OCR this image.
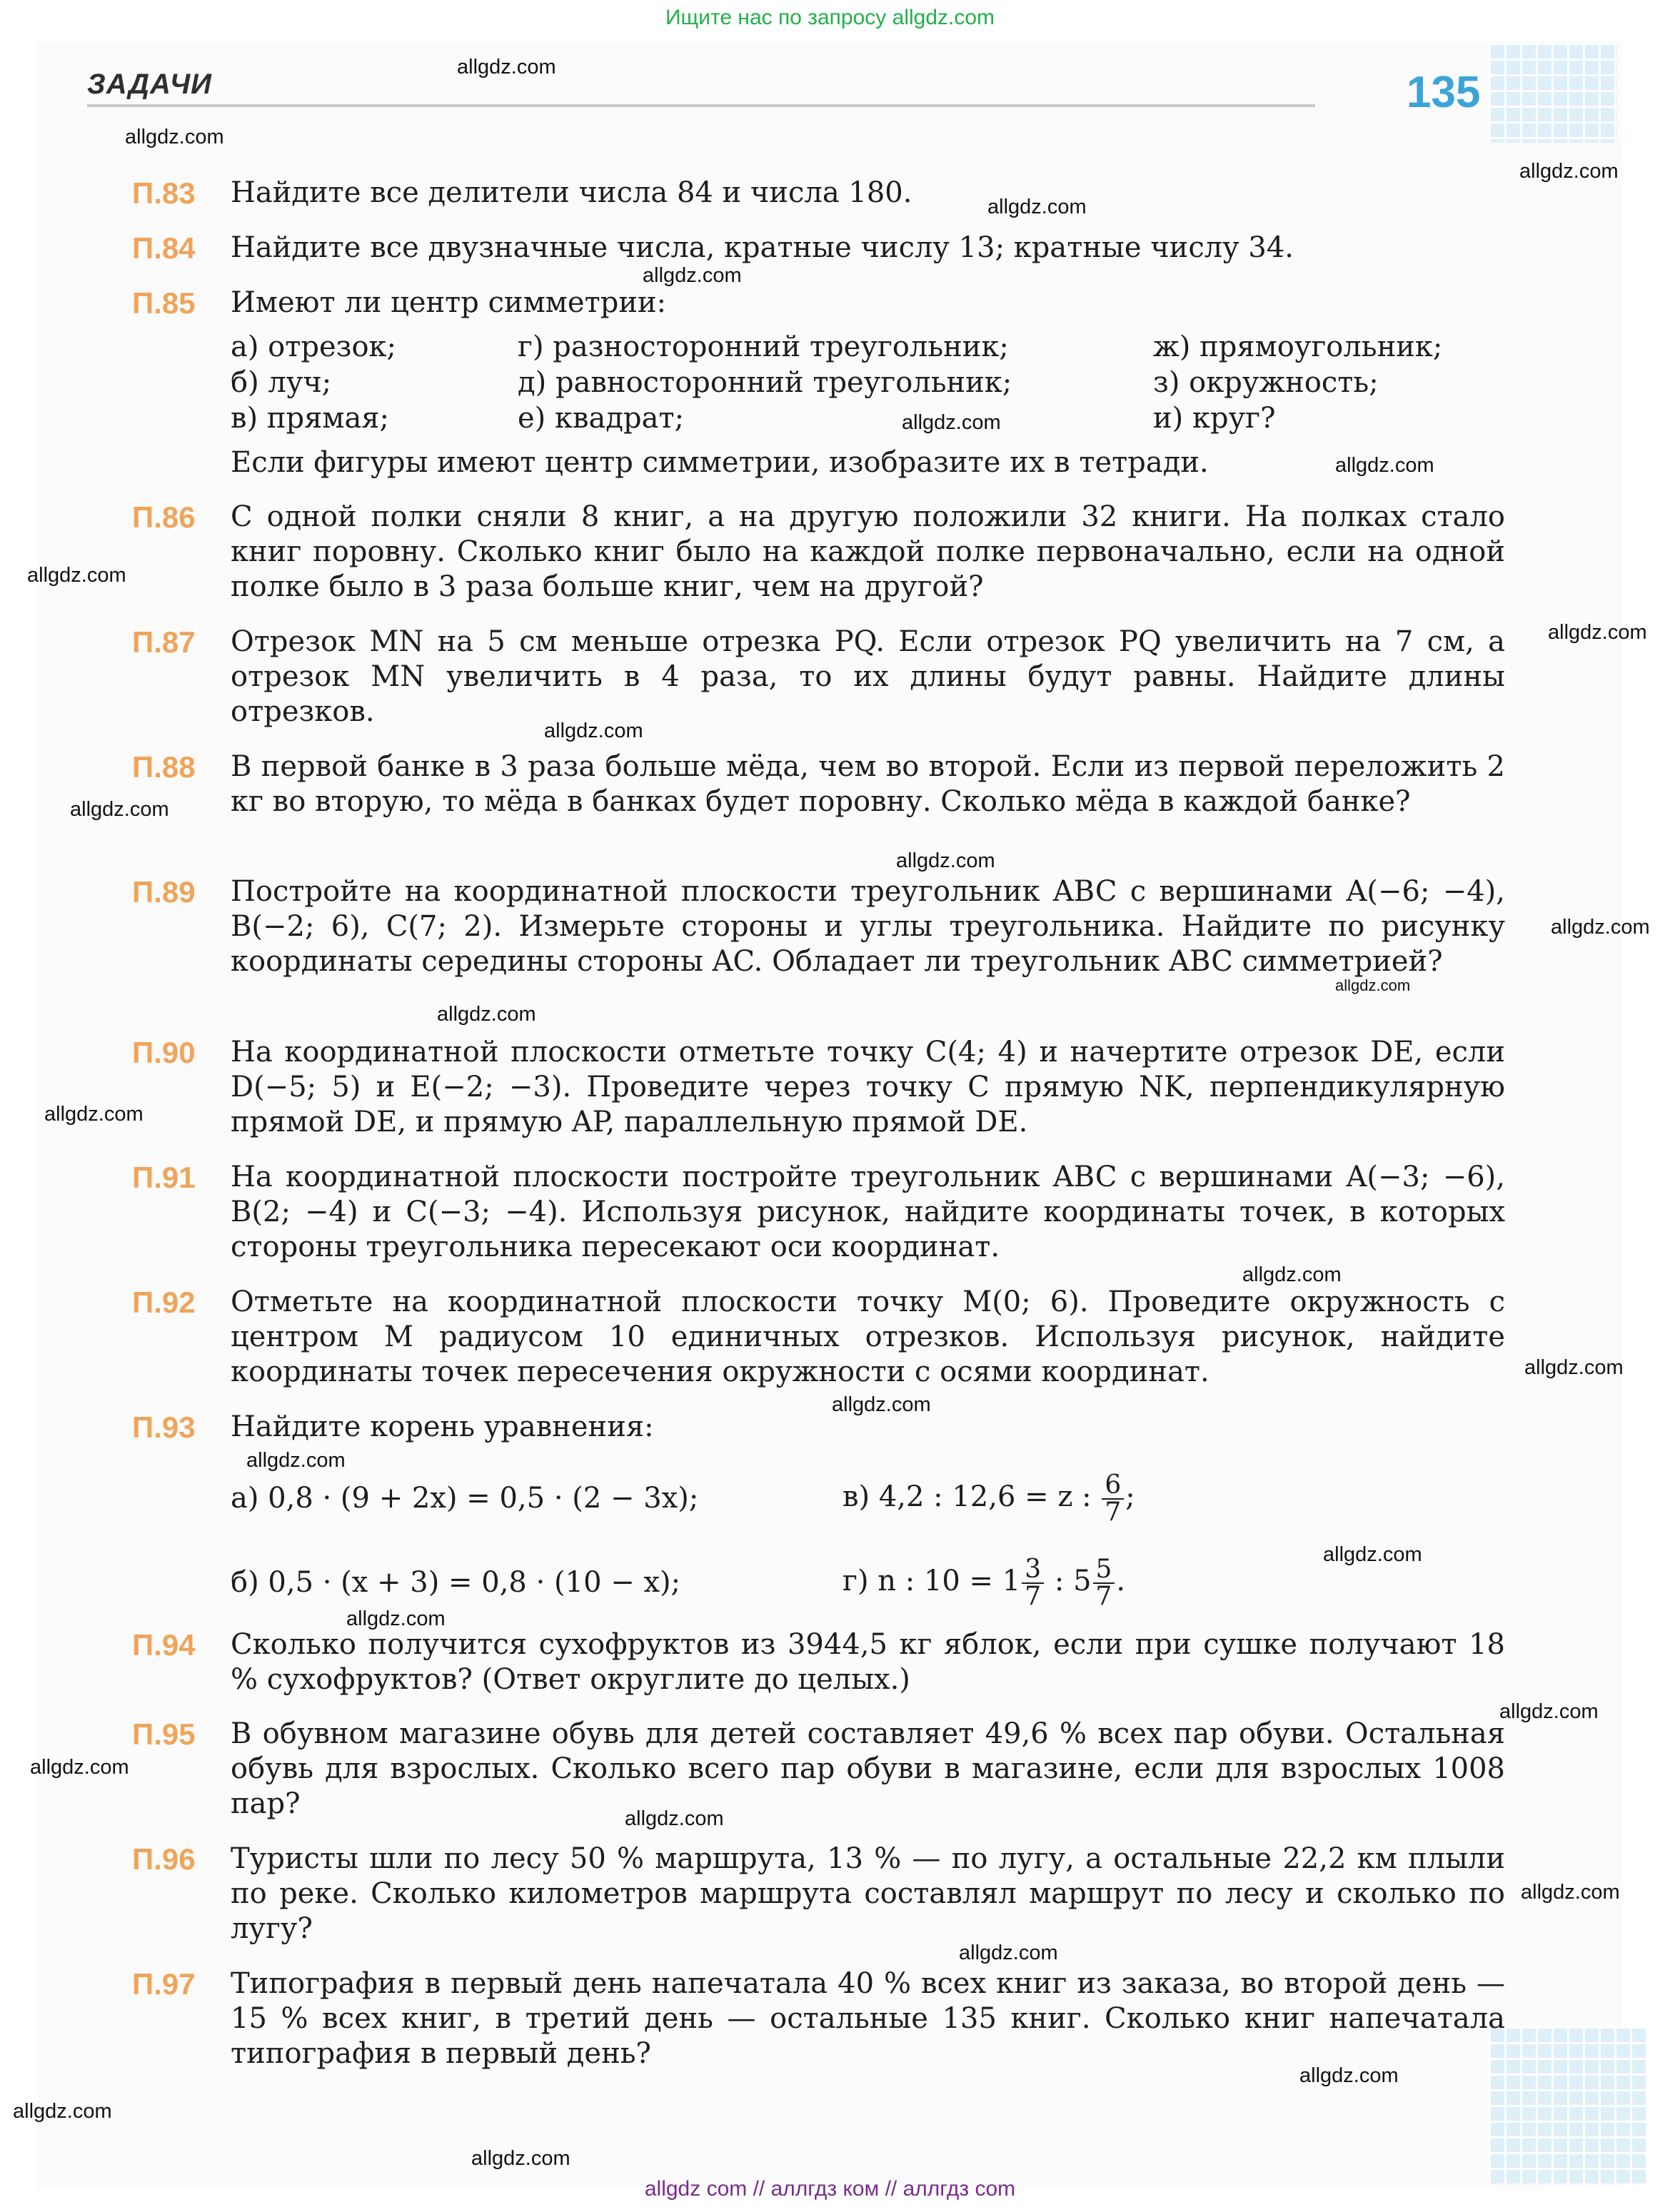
Ищите нас по запросу allgdz.com
ЗАДАЧИ	135
П.83 Найдите все делители числа 84 и числа 180.
П.84 Найдите все двузначные числа, кратные числу 13; кратные числу 34.
П.85 Имеют ли центр симметрии:
а) отрезок;
б) луч;
в) прямая;
г) разносторонний треугольник;
д) равносторонний треугольник;
е) квадрат;
ж) прямоугольник;
з) окружность;
и) круг?
Если фигуры имеют центр симметрии, изобразите их в тетради.
П.86 С одной полки сняли 8 книг, а на другую положили 32 книги. На полках стало книг поровну. Сколько книг было на каждой полке первоначально, если на одной полке было в 3 раза больше книг, чем на другой?
П.87 Отрезок MN на 5 см меньше отрезка PQ. Если отрезок PQ увеличить на 7 см, а отрезок MN увеличить в 4 раза, то их длины будут равны. Найдите длины отрезков.
П.88 В первой банке в 3 раза больше мёда, чем во второй. Если из первой переложить 2 кг во вторую, то мёда в банках будет поровну. Сколько мёда в каждой банке?
П.89 Постройте на координатной плоскости треугольник ABC с вершинами A(−6; −4), B(−2; 6), C(7; 2). Измерьте стороны и углы треугольника. Найдите по рисунку координаты середины стороны AC. Обладает ли треугольник ABC симметрией?
П.90 На координатной плоскости отметьте точку C(4; 4) и начертите отрезок DE, если D(−5; 5) и E(−2; −3). Проведите через точку C прямую NK, перпендикулярную прямой DE, и прямую AP, параллельную прямой DE.
П.91 На координатной плоскости постройте треугольник ABC с вершинами A(−3; −6), B(2; −4) и C(−3; −4). Используя рисунок, найдите координаты точек, в которых стороны треугольника пересекают оси координат.
П.92 Отметьте на координатной плоскости точку M(0; 6). Проведите окружность с центром M радиусом 10 единичных отрезков. Используя рисунок, найдите координаты точек пересечения окружности с осями координат.
П.93 Найдите корень уравнения:
а) 0,8 · (9 + 2x) = 0,5 · (2 − 3x);	в) 4,2 : 12,6 = z : $\frac{6}{7}$ ;
б) 0,5 · (x + 3) = 0,8 · (10 − x);	г) n : $10 = 1 \frac{3}{7}$ : $5 \frac{5}{7}$ .
П.94 Сколько получится сухофруктов из 3944,5 кг яблок, если при сушке получают 18 % сухофруктов? (Ответ округлите до целых.)
П.95 В обувном магазине обувь для детей составляет 49,6 % всех пар обуви. Остальная обувь для взрослых. Сколько всего пар обуви в магазине, если для взрослых 1008 пар?
П.96 Туристы шли по лесу 50 % маршрута, 13 % — по лугу, а остальные 22,2 км плыли по реке. Сколько километров маршрута составлял маршрут по лесу и сколько по лугу?
П.97 Типография в первый день напечатала 40 % всех книг из заказа, во второй день — 15 % всех книг, в третий день — остальные 135 книг. Сколько книг напечатала типография в первый день?
allgdz.com
allgdz.com
allgdz.com
allgdz.com
allgdz.com
allgdz.com
allgdz.com
allgdz.com
allgdz.com
allgdz.com
allgdz.com
allgdz.com
allgdz.com
allgdz.com
allgdz.com
allgdz.com
allgdz.com
allgdz.com
allgdz.com
allgdz.com
allgdz.com
allgdz.com
allgdz.com
allgdz.com
allgdz.com
allgdz.com
allgdz.com
allgdz.com
allgdz.com
allgdz.com
allgdz com // аллгдз ком // аллгдз com
